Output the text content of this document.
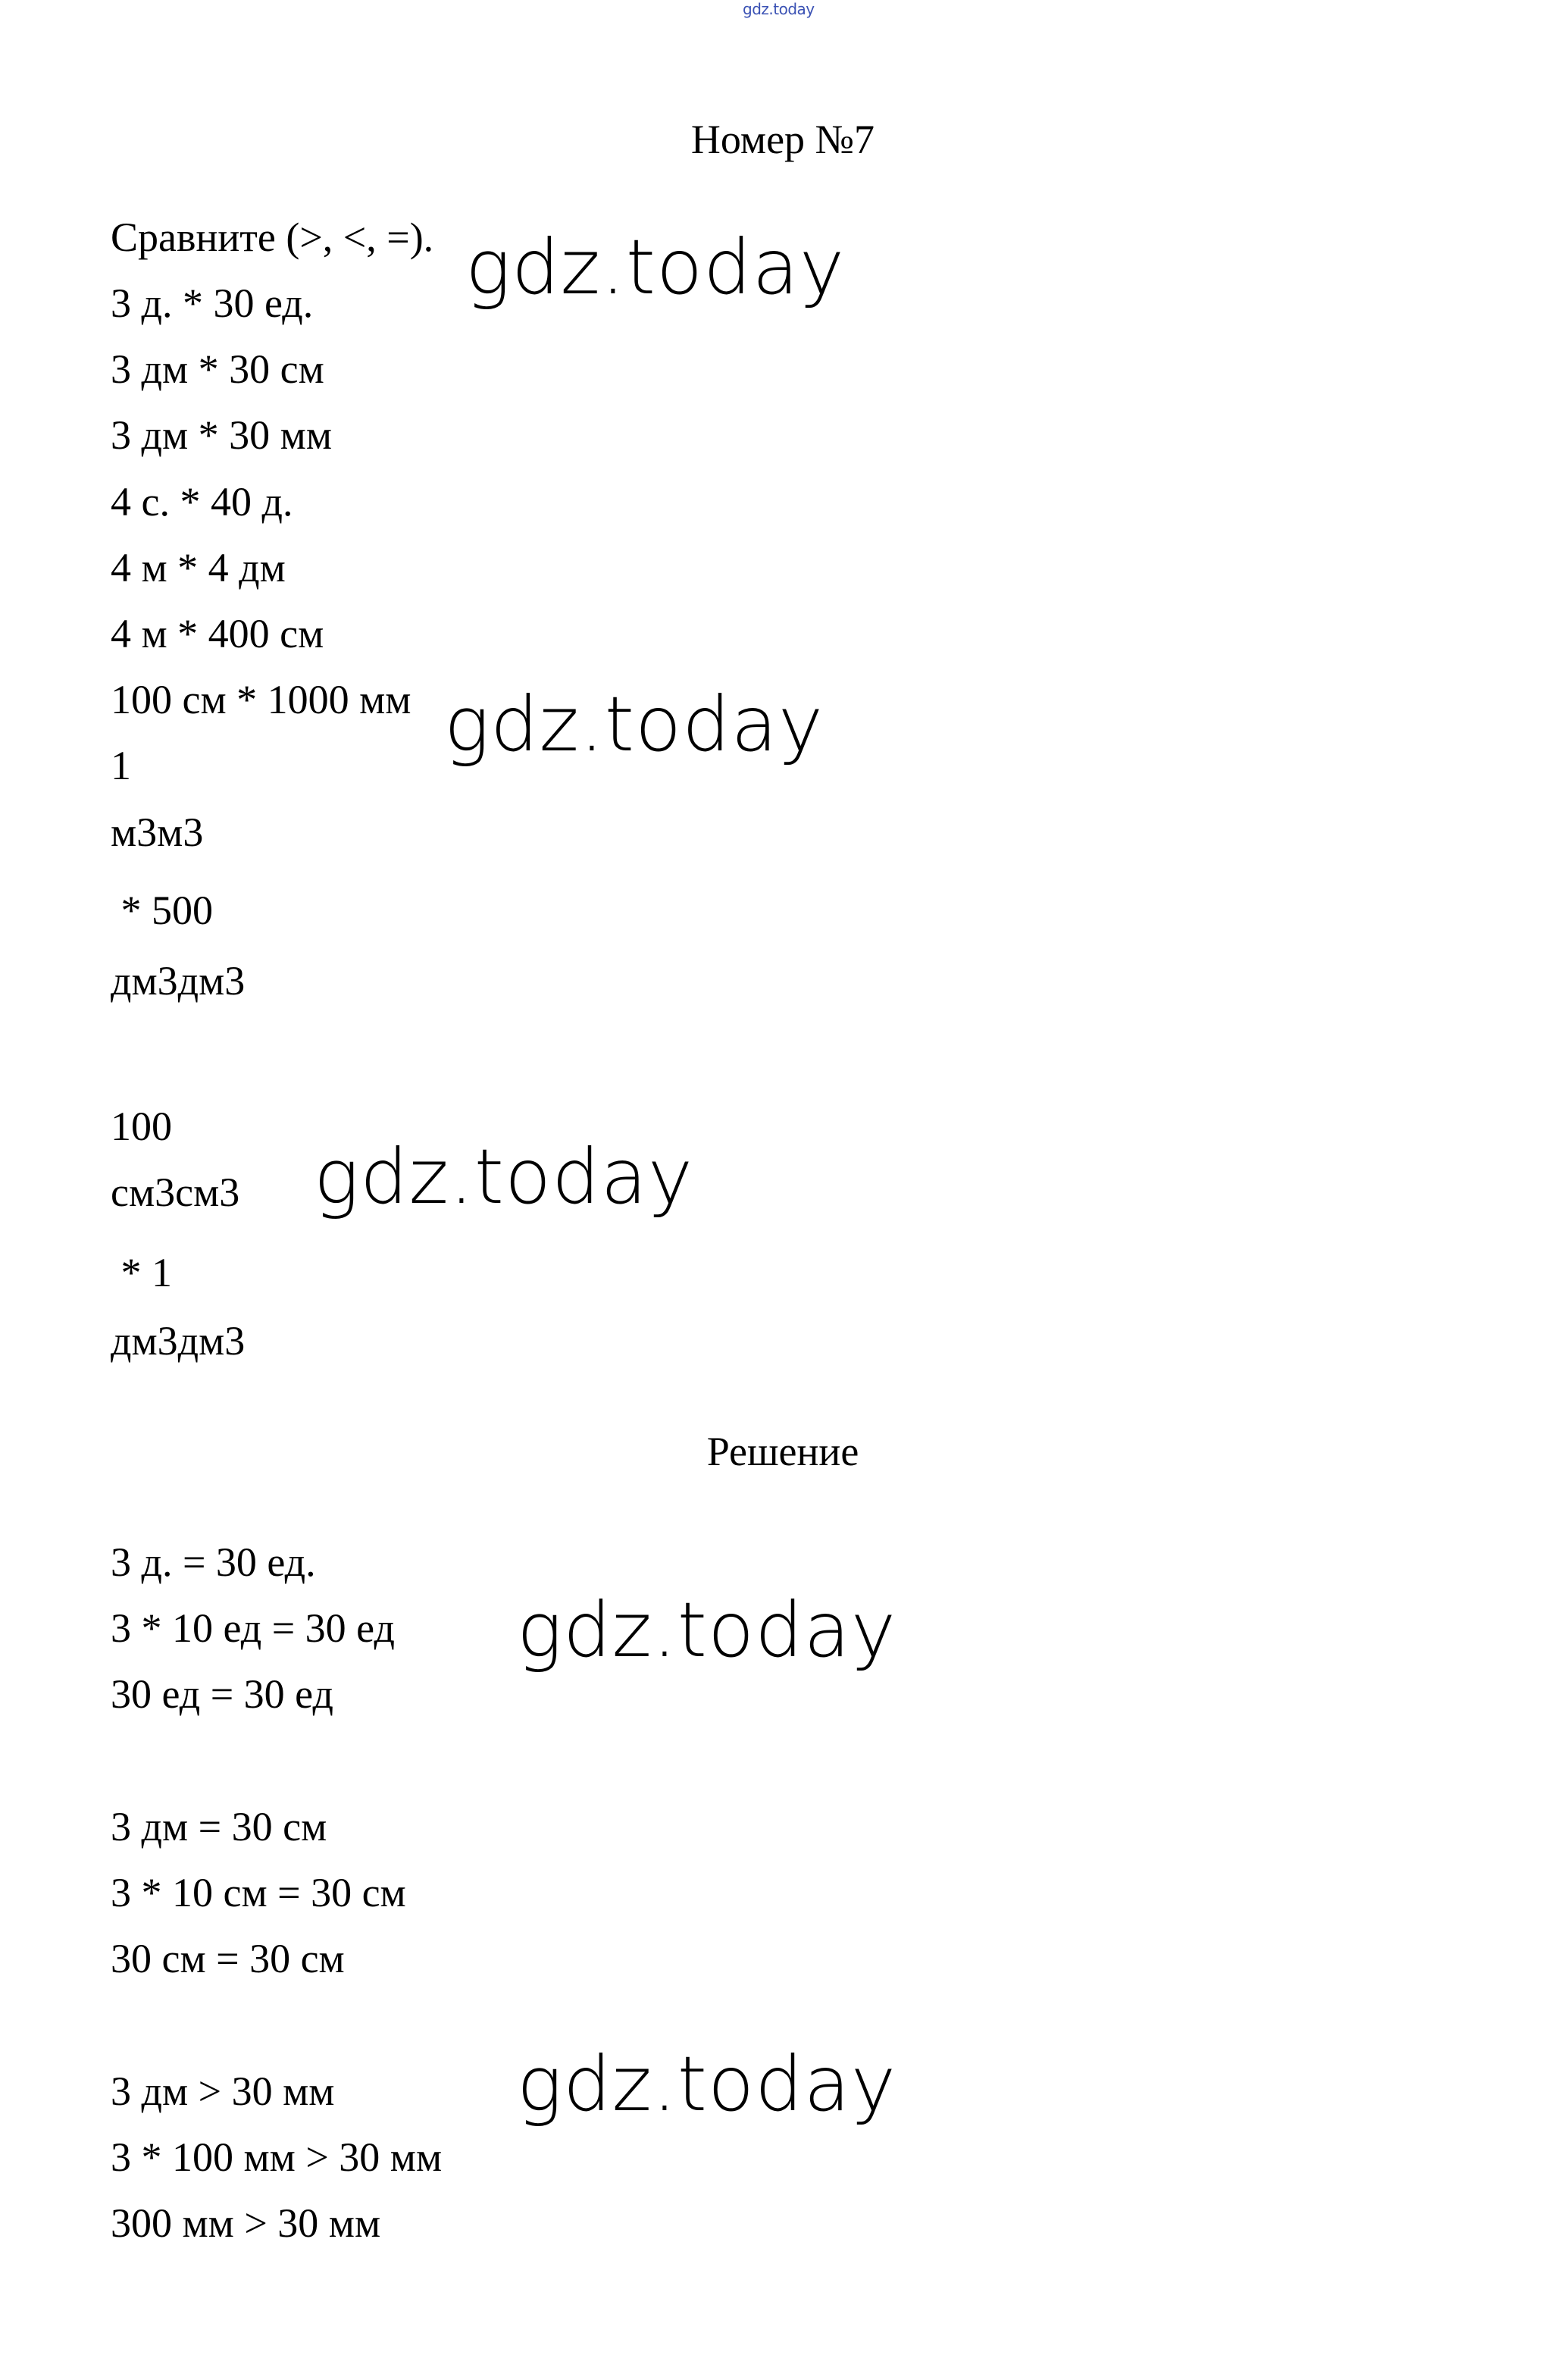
gdz.today
Номер №7
Сравните (>, <, =).
3 д. * 30 ед.
3 дм * 30 см
3 дм * 30 мм
4 с. * 40 д.
4 м * 4 дм
4 м * 400 см
100 см * 1000 мм
1
м3м3
* 500
дм3дм3
100
см3см3
* 1
дм3дм3
Решение
3 д. = 30 ед.
3 * 10 ед = 30 ед
30 ед = 30 ед
3 дм = 30 см
3 * 10 см = 30 см
30 см = 30 см
3 дм > 30 мм
3 * 100 мм > 30 мм
300 мм > 30 мм
gdz.today
gdz.today
gdz.today
gdz.today
gdz.today
